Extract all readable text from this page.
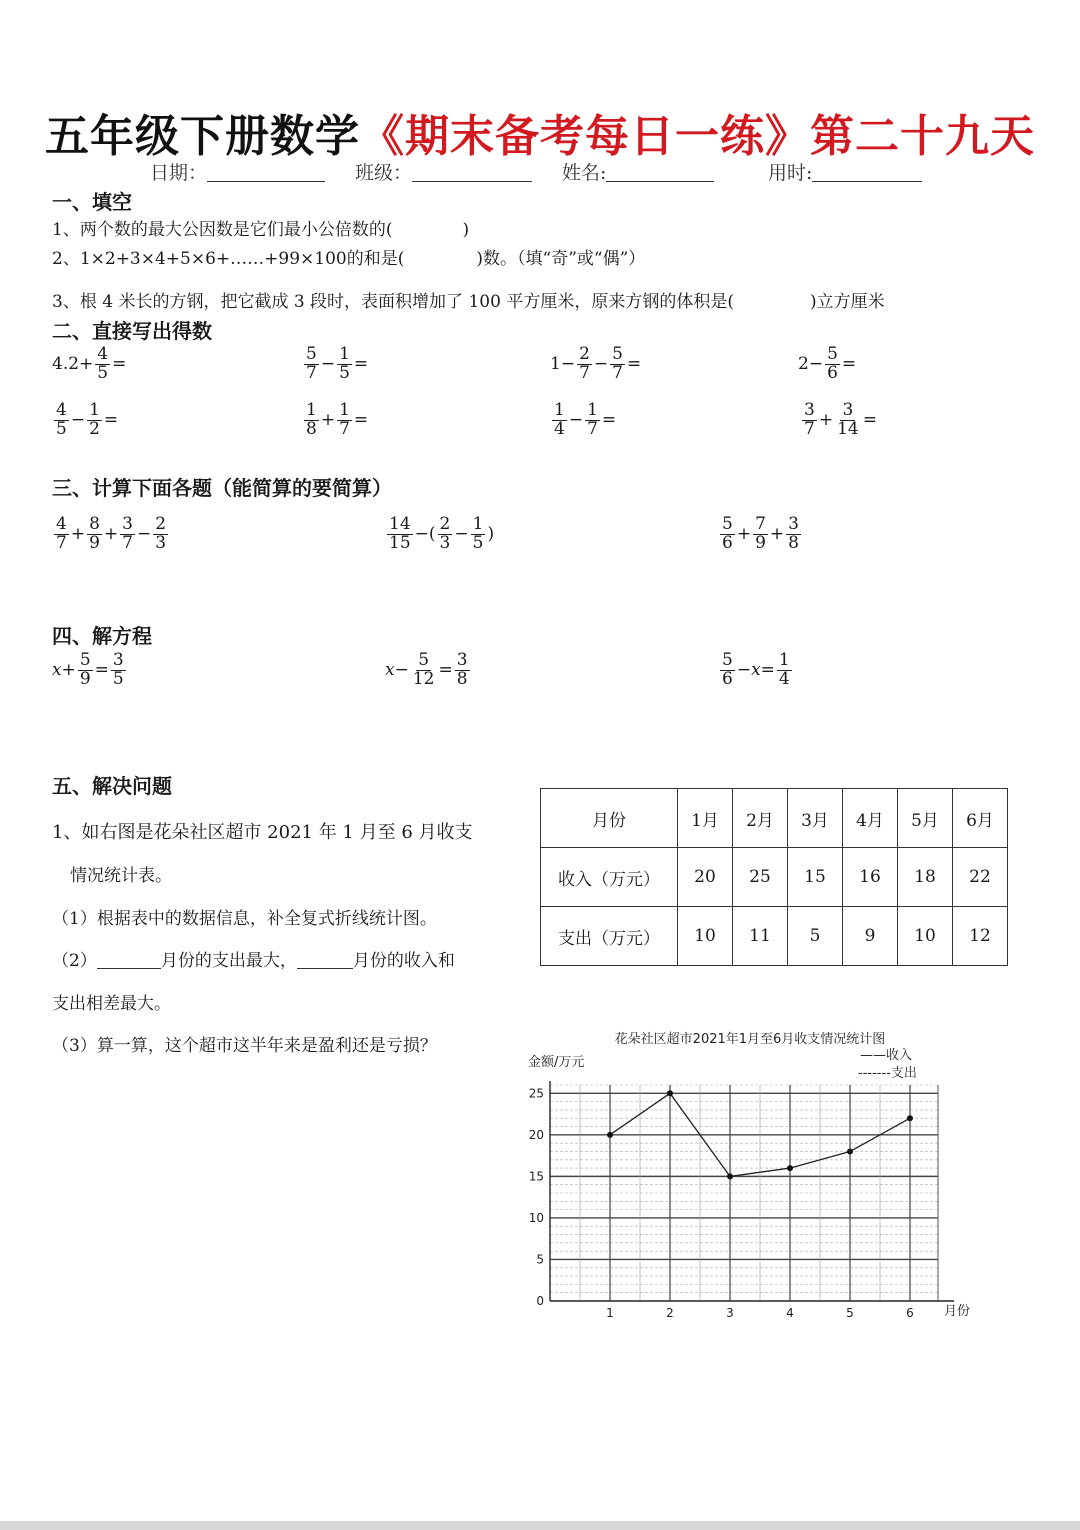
五年级下册数学《期末备考每日一练》第二十九天
日期：	班级：	姓名:	用时:
一、填空
1、两个数的最大公因数是它们最小公倍数的(	)
2、1×2+3×4+5×6+……+99×100的和是(	)数。（填“奇”或“偶”）
3、根 4 米长的方钢，把它截成 3 段时，表面积增加了 100 平方厘米，原来方钢的体积是(	)立方厘米
二、直接写出得数
$4.2+ \frac{4}{5}$ =	$\frac{5}{7} - \frac{1}{5}$ =	$1- \frac{2}{7} - \frac{5}{7}$ =	$2- \frac{5}{6}$ =
$\frac{4}{5} - \frac{1}{2}$ =	$\frac{1}{8} + \frac{1}{7}$ =	$\frac{1}{4} - \frac{1}{7}$ =	$\frac{3}{7} + \frac{3}{14}$ =
三、计算下面各题（能简算的要简算）
$\frac{4}{7} + \frac{8}{9} + \frac{3}{7} - \frac{2}{3}$	$\frac{14}{15}$ −( $\frac{2}{3} - \frac{1}{5}$ )	$\frac{5}{6} + \frac{7}{9} + \frac{3}{8}$
四、解方程
$x+ \frac{5}{9} = \frac{3}{5}$	$x- \frac{5}{12} = \frac{3}{8}$	$\frac{5}{6} -x= \frac{1}{4}$
五、解决问题
1、如右图是花朵社区超市 2021 年 1 月至 6 月收支
情况统计表。
（1）根据表中的数据信息，补全复式折线统计图。
（2）	月份的支出最大，	月份的收入和
支出相差最大。
（3）算一算，这个超市这半年来是盈利还是亏损？
月份	1月	2月	3月	4月	5月	6月
收入（万元）	20	25	15	16	18	22
支出（万元）	10	11	5	9	10	12
0
5
10
15
20
25
1	2	3	4	5	6
花朵社区超市2021年1月至6月收支情况统计图
金额/万元
月份
——收入
-------支出
